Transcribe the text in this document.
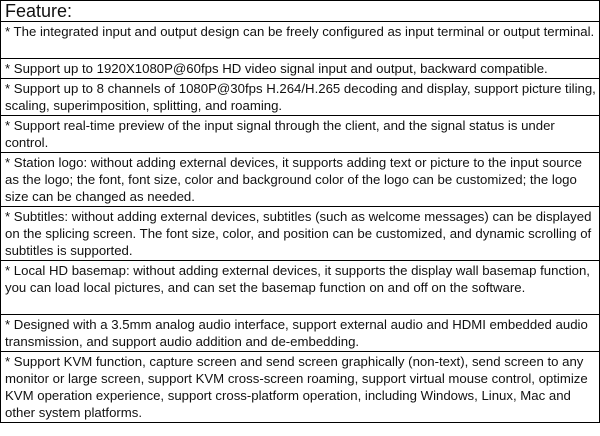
Feature:
* The integrated input and output design can be freely configured as input terminal or output terminal.
* Support up to 1920X1080P@60fps HD video signal input and output, backward compatible.
* Support up to 8 channels of 1080P@30fps H.264/H.265 decoding and display, support picture tiling, scaling, superimposition, splitting, and roaming.
* Support real-time preview of the input signal through the client, and the signal status is under control.
* Station logo: without adding external devices, it supports adding text or picture to the input source as the logo; the font, font size, color and background color of the logo can be customized; the logo size can be changed as needed.
* Subtitles: without adding external devices, subtitles (such as welcome messages) can be displayed on the splicing screen. The font size, color, and position can be customized, and dynamic scrolling of subtitles is supported.
* Local HD basemap: without adding external devices, it supports the display wall basemap function, you can load local pictures, and can set the basemap function on and off on the software.
* Designed with a 3.5mm analog audio interface, support external audio and HDMI embedded audio transmission, and support audio addition and de-embedding.
* Support KVM function, capture screen and send screen graphically (non-text), send screen to any monitor or large screen, support KVM cross-screen roaming, support virtual mouse control, optimize KVM operation experience, support cross-platform operation, including Windows, Linux, Mac and other system platforms.
